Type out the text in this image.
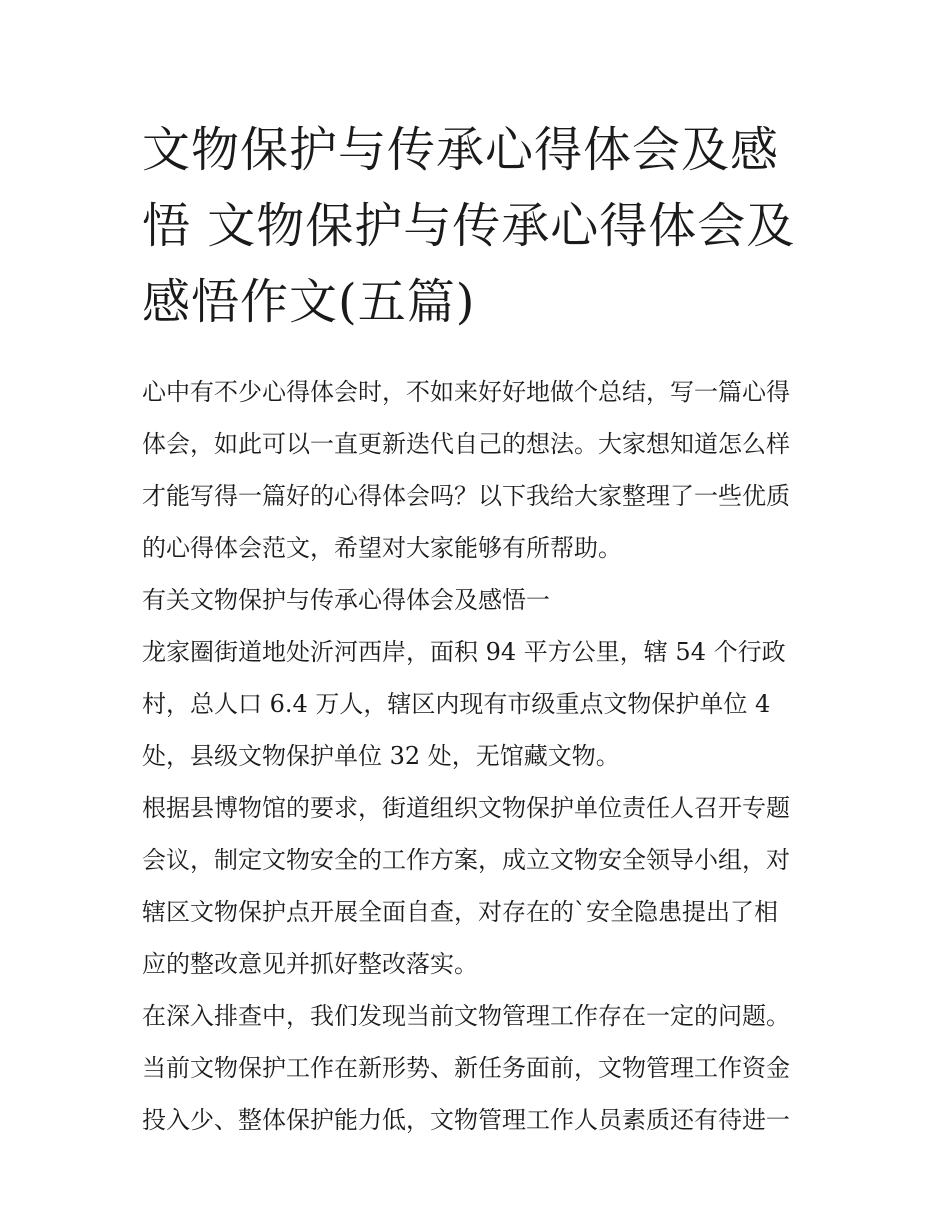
文物保护与传承心得体会及感
悟 文物保护与传承心得体会及
感悟作文(五篇)

心中有不少心得体会时，不如来好好地做个总结，写一篇心得
体会，如此可以一直更新迭代自己的想法。大家想知道怎么样
才能写得一篇好的心得体会吗？以下我给大家整理了一些优质
的心得体会范文，希望对大家能够有所帮助。

有关文物保护与传承心得体会及感悟一

龙家圈街道地处沂河西岸，面积 94 平方公里，辖 54 个行政
村，总人口 6.4 万人，辖区内现有市级重点文物保护单位 4
处，县级文物保护单位 32 处，无馆藏文物。

根据县博物馆的要求，街道组织文物保护单位责任人召开专题
会议，制定文物安全的工作方案，成立文物安全领导小组，对
辖区文物保护点开展全面自查，对存在的`安全隐患提出了相
应的整改意见并抓好整改落实。

在深入排查中，我们发现当前文物管理工作存在一定的问题。
当前文物保护工作在新形势、新任务面前，文物管理工作资金
投入少、整体保护能力低，文物管理工作人员素质还有待进一
